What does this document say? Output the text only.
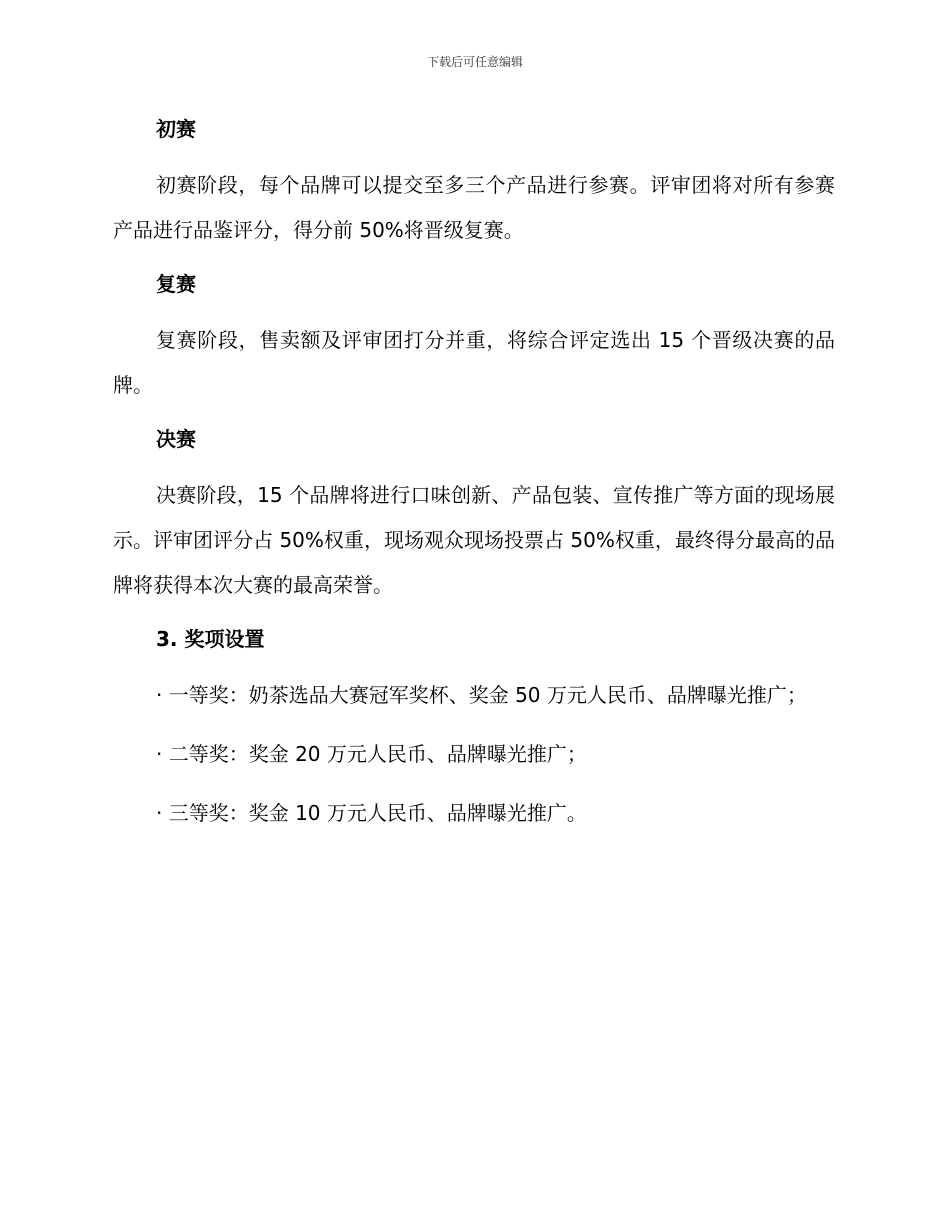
下载后可任意编辑
初赛

初赛阶段，每个品牌可以提交至多三个产品进行参赛。评审团将对所有参赛产品进行品鉴评分，得分前 50%将晋级复赛。

复赛

复赛阶段，售卖额及评审团打分并重，将综合评定选出 15 个晋级决赛的品牌。

决赛

决赛阶段，15 个品牌将进行口味创新、产品包装、宣传推广等方面的现场展示。评审团评分占 50%权重，现场观众现场投票占 50%权重，最终得分最高的品牌将获得本次大赛的最高荣誉。

3. 奖项设置

· 一等奖：奶茶选品大赛冠军奖杯、奖金 50 万元人民币、品牌曝光推广；

· 二等奖：奖金 20 万元人民币、品牌曝光推广；

· 三等奖：奖金 10 万元人民币、品牌曝光推广。
